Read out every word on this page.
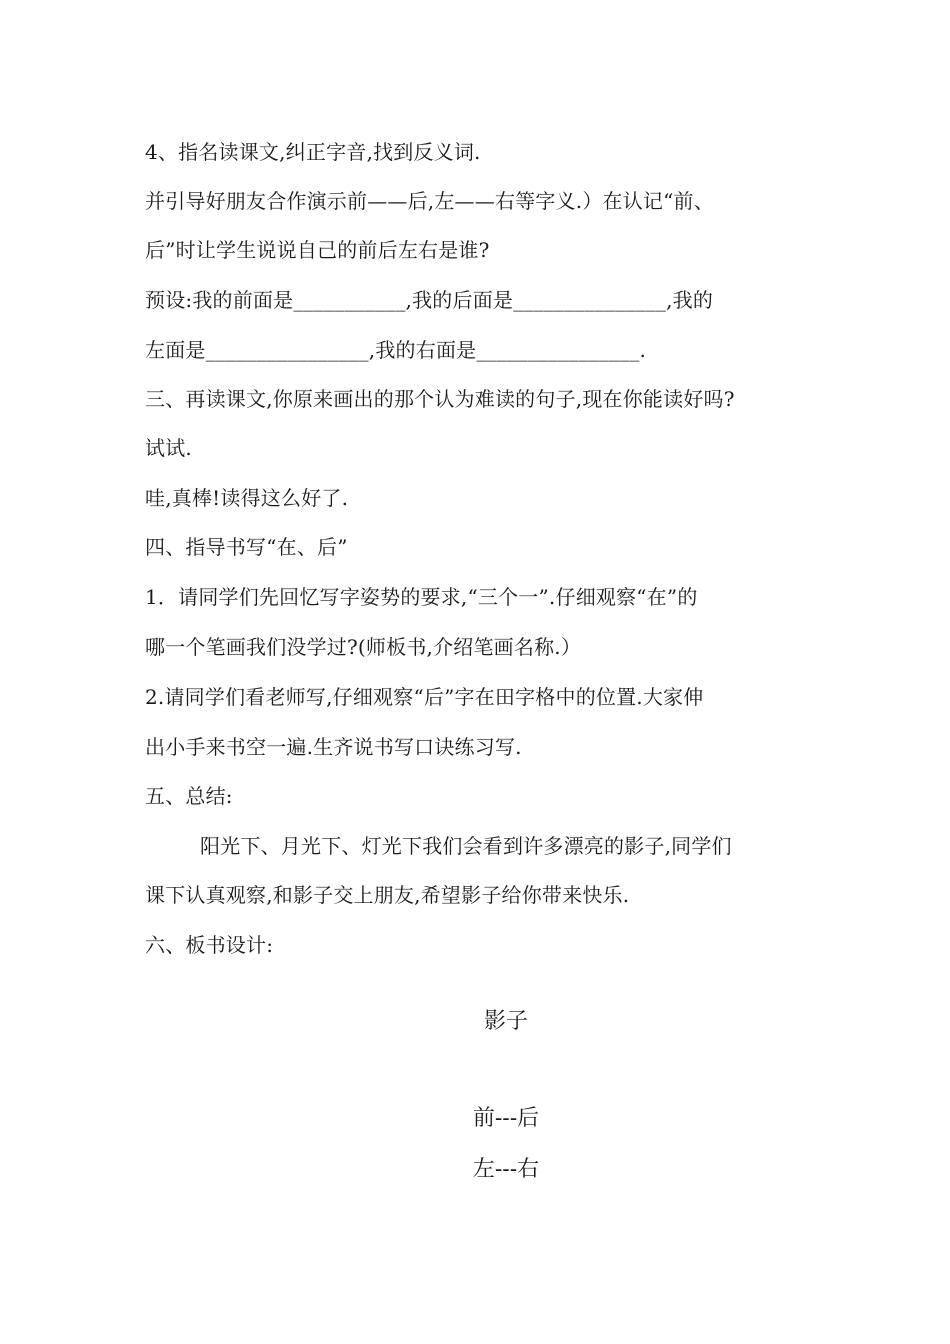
4、指名读课文,纠正字音,找到反义词.
并引导好朋友合作演示前——后,左——右等字义.）在认记“前、
后”时让学生说说自己的前后左右是谁?
预设:我的前面是___________,我的后面是_______________,我的
左面是________________,我的右面是________________.
三、再读课文,你原来画出的那个认为难读的句子,现在你能读好吗?
试试.
哇,真棒!读得这么好了.
四、指导书写“在、后”
1．请同学们先回忆写字姿势的要求,“三个一”.仔细观察“在”的
哪一个笔画我们没学过?(师板书,介绍笔画名称.）
2.请同学们看老师写,仔细观察“后”字在田字格中的位置.大家伸
出小手来书空一遍.生齐说书写口诀练习写.
五、总结:
阳光下、月光下、灯光下我们会看到许多漂亮的影子,同学们
课下认真观察,和影子交上朋友,希望影子给你带来快乐.
六、板书设计:
影子
前---后
左---右
